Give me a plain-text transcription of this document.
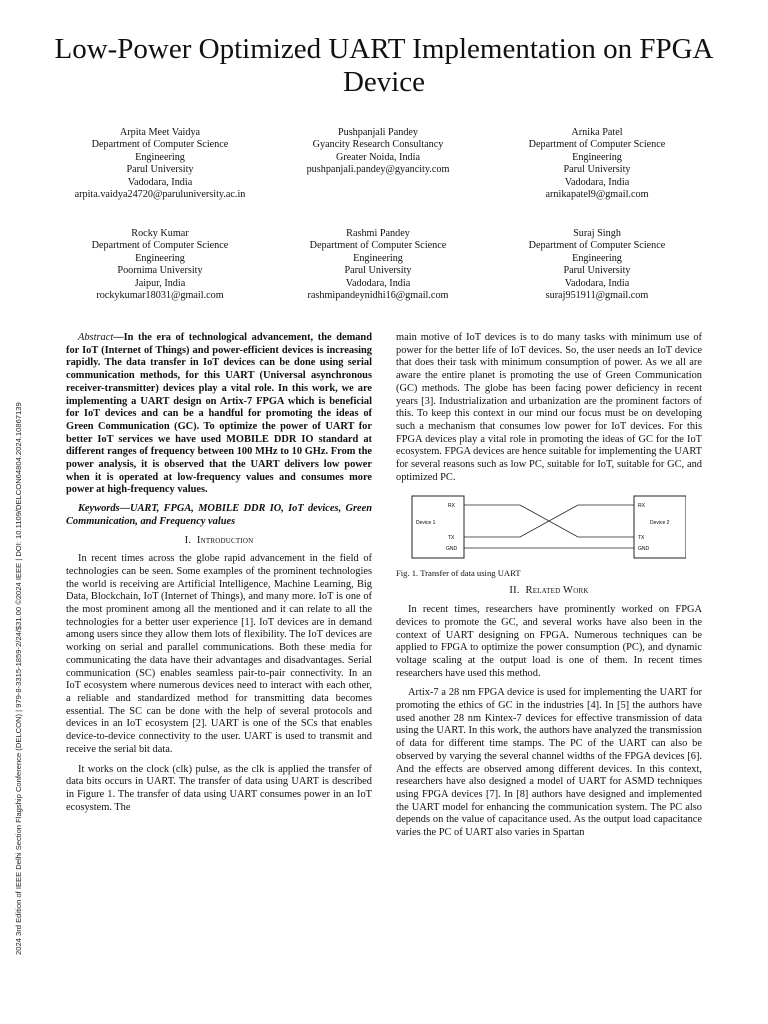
Low-Power Optimized UART Implementation on FPGA Device
Arpita Meet Vaidya
Department of Computer Science
Engineering
Parul University
Vadodara, India
arpita.vaidya24720@paruluniversity.ac.in
Pushpanjali Pandey
Gyancity Research Consultancy
Greater Noida, India
pushpanjali.pandey@gyancity.com
Arnika Patel
Department of Computer Science
Engineering
Parul University
Vadodara, India
arnikapatel9@gmail.com
Rocky Kumar
Department of Computer Science
Engineering
Poornima University
Jaipur, India
rockykumar18031@gmail.com
Rashmi Pandey
Department of Computer Science
Engineering
Parul University
Vadodara, India
rashmipandeynidhi16@gmail.com
Suraj Singh
Department of Computer Science
Engineering
Parul University
Vadodara, India
suraj951911@gmail.com
2024 3rd Edition of IEEE Delhi Section Flagship Conference (DELCON) | 979-8-3315-1859-2/24/$31.00 ©2024 IEEE | DOI: 10.1109/DELCON64804.2024.10867139

Abstract—In the era of technological advancement, the demand for IoT (Internet of Things) and power-efficient devices is increasing rapidly. The data transfer in IoT devices can be done using serial communication methods, for this UART (Universal asynchronous receiver-transmitter) devices play a vital role. In this work, we are implementing a UART design on Artix-7 FPGA which is beneficial for IoT devices and can be a handful for promoting the ideas of Green Communication (GC). To optimize the power of UART for better IoT services we have used MOBILE DDR IO standard at different ranges of frequency between 100 MHz to 10 GHz. From the power analysis, it is observed that the UART delivers low power when it is operated at low-frequency values and consumes more power at high-frequency values.

Keywords—UART, FPGA, MOBILE DDR IO, IoT devices, Green Communication, and Frequency values

I. Introduction

In recent times across the globe rapid advancement in the field of technologies can be seen. Some examples of the prominent technologies the world is receiving are Artificial Intelligence, Machine Learning, Big Data, Blockchain, IoT (Internet of Things), and many more. IoT is one of the most prominent among all the mentioned and it can relate to all the technologies for a better user experience [1]. IoT devices are in demand among users since they allow them lots of flexibility. The IoT devices are working on serial and parallel communications. Both these media for communicating the data have their advantages and disadvantages. Serial communication (SC) enables seamless pair-to-pair connectivity. In an IoT ecosystem where numerous devices need to interact with each other, a reliable and standardized method for transmitting data becomes essential. The SC can be done with the help of several protocols and devices in an IoT ecosystem [2]. UART is one of the SCs that enables device-to-device connectivity to the user. UART is used to transmit and receive the serial bit data.

It works on the clock (clk) pulse, as the clk is applied the transfer of data bits occurs in UART. The transfer of data using UART is described in Figure 1. The transfer of data using UART consumes power in an IoT ecosystem. The

main motive of IoT devices is to do many tasks with minimum use of power for the better life of IoT devices. So, the user needs an IoT device that does their task with minimum consumption of power. As we all are aware the entire planet is promoting the use of Green Communication (GC) methods. The globe has been facing power deficiency in recent years [3]. Industrialization and urbanization are the prominent factors of this. To keep this context in our mind our focus must be on developing such a mechanism that consumes low power for IoT devices. For this FPGA devices play a vital role in promoting the ideas of GC for the IoT ecosystem. FPGA devices are hence suitable for implementing the UART for several reasons such as low PC, suitable for IoT, suitable for GC, and optimized PC.

Device 1	Device 2
RX
TX
GND
RX
TX
GND
Fig. 1. Transfer of data using UART
II. Related Work

In recent times, researchers have prominently worked on FPGA devices to promote the GC, and several works have also been in the context of UART designing on FPGA. Numerous techniques can be applied to FPGA to optimize the power consumption (PC), and dynamic voltage scaling at the output load is one of them. In recent times researchers have used this method.

Artix-7 a 28 nm FPGA device is used for implementing the UART for promoting the ethics of GC in the industries [4]. In [5] the authors have used another 28 nm Kintex-7 devices for effective transmission of data using the UART. In this work, the authors have analyzed the transmission of data for different time stamps. The PC of the UART can also be observed by varying the several channel widths of the FPGA devices [6]. And the effects are observed among different devices. In this context, researchers have also designed a model of UART for ASMD techniques using FPGA devices [7]. In [8] authors have designed and implemented the UART model for enhancing the communication system. The PC also depends on the value of capacitance used. As the output load capacitance varies the PC of UART also varies in Spartan
